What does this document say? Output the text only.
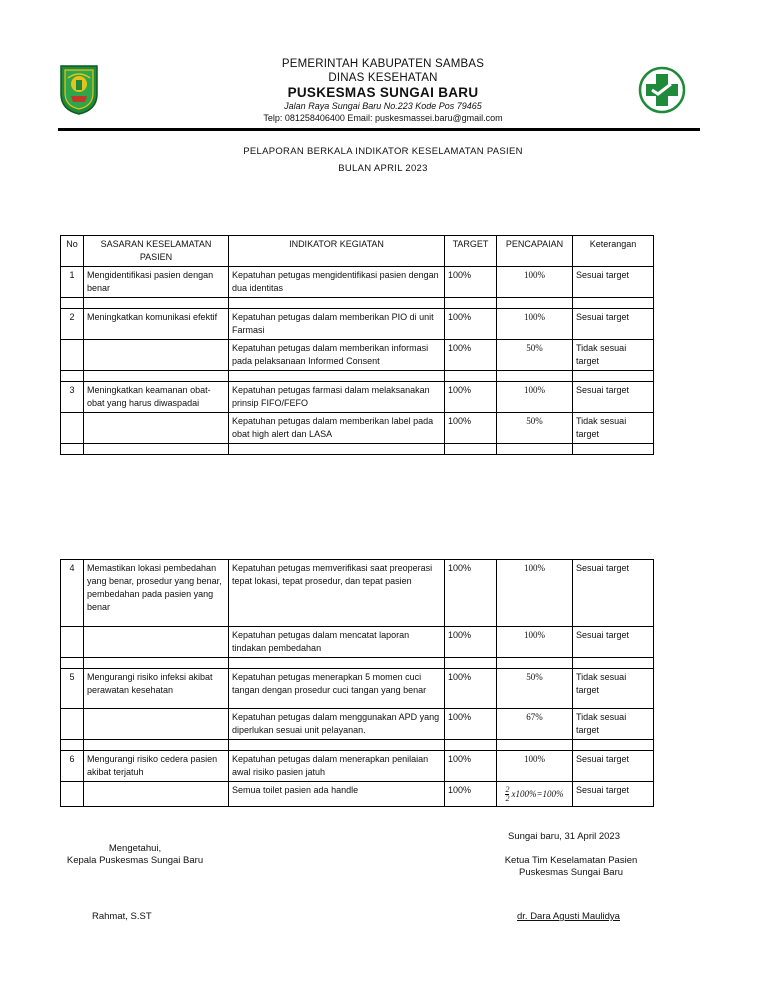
PEMERINTAH KABUPATEN SAMBAS
DINAS KESEHATAN
PUSKESMAS SUNGAI BARU
Jalan Raya Sungai Baru No.223 Kode Pos 79465
Telp: 081258406400 Email: puskesmassei.baru@gmail.com
PELAPORAN BERKALA INDIKATOR KESELAMATAN PASIEN
BULAN APRIL 2023
No	SASARAN KESELAMATAN PASIEN	INDIKATOR KEGIATAN	TARGET	PENCAPAIAN	Keterangan
1	Mengidentifikasi pasien dengan benar	Kepatuhan petugas mengidentifikasi pasien dengan dua identitas	100%	100%	Sesuai target

2	Meningkatkan komunikasi efektif	Kepatuhan petugas dalam memberikan PIO di unit Farmasi	100%	100%	Sesuai target
		Kepatuhan petugas dalam memberikan informasi pada pelaksanaan Informed Consent	100%	50%	Tidak sesuai target

3	Meningkatkan keamanan obat-obat yang harus diwaspadai	Kepatuhan petugas farmasi dalam melaksanakan prinsip FIFO/FEFO	100%	100%	Sesuai target
		Kepatuhan petugas dalam memberikan label pada obat high alert dan LASA	100%	50%	Tidak sesuai target

4	Memastikan lokasi pembedahan yang benar, prosedur yang benar, pembedahan pada pasien yang benar	Kepatuhan petugas memverifikasi saat preoperasi tepat lokasi, tepat prosedur, dan tepat pasien	100%	100%	Sesuai target
		Kepatuhan petugas dalam mencatat laporan tindakan pembedahan	100%	100%	Sesuai target

5	Mengurangi risiko infeksi akibat perawatan kesehatan	Kepatuhan petugas menerapkan 5 momen cuci tangan dengan prosedur cuci tangan yang benar	100%	50%	Tidak sesuai target
		Kepatuhan petugas dalam menggunakan APD yang diperlukan sesuai unit pelayanan.	100%	67%	Tidak sesuai target

6	Mengurangi risiko cedera pasien akibat terjatuh	Kepatuhan petugas dalam menerapkan penilaian awal risiko pasien jatuh	100%	100%	Sesuai target
		Semua toilet pasien ada handle	100%	$\frac{2}{2} x100\%=100\%$	Sesuai target
Sungai baru, 31 April 2023
Mengetahui,
Kepala Puskesmas Sungai Baru	Ketua Tim Keselamatan Pasien
Puskesmas Sungai Baru
Rahmat, S.ST	dr. Dara Agusti Maulidya
